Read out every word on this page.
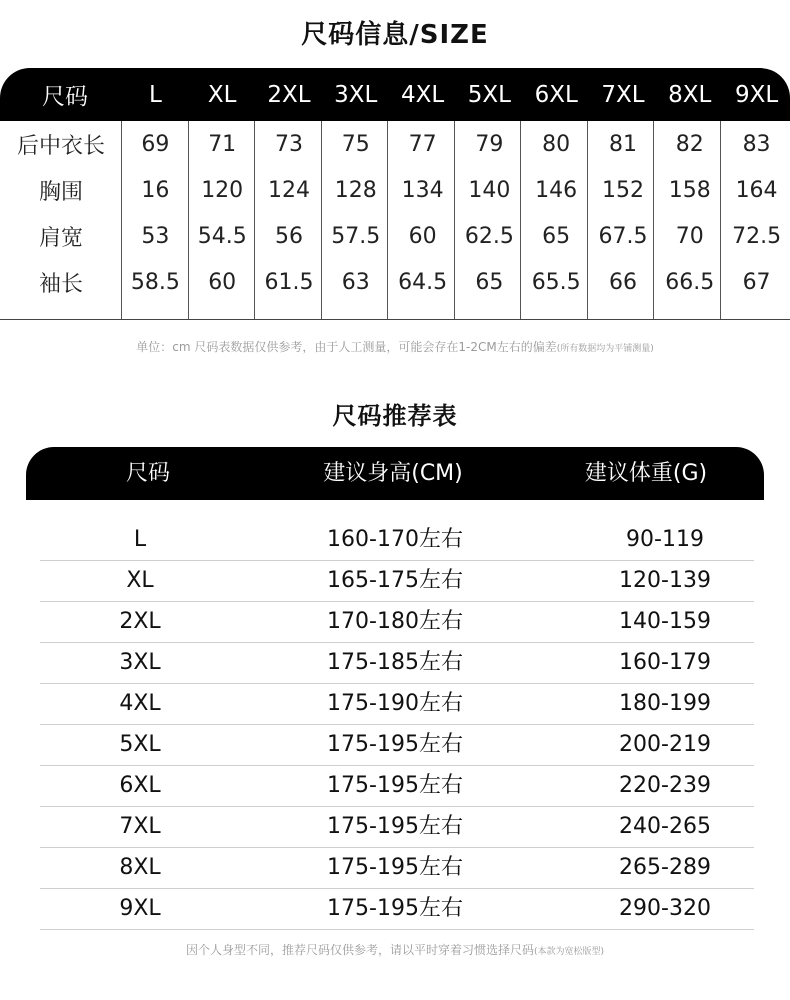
尺码信息/SIZE
尺码	L	XL	2XL	3XL	4XL	5XL	6XL	7XL	8XL	9XL
后中衣长	69	71	73	75	77	79	80	81	82	83
胸围	16	120	124	128	134	140	146	152	158	164
肩宽	53	54.5	56	57.5	60	62.5	65	67.5	70	72.5
袖长	58.5	60	61.5	63	64.5	65	65.5	66	66.5	67
单位：cm 尺码表数据仅供参考，由于人工测量，可能会存在1-2CM左右的偏差(所有数据均为平铺测量)
尺码推荐表
尺码	建议身高(CM)	建议体重(G)
L	160-170左右	90-119
XL	165-175左右	120-139
2XL	170-180左右	140-159
3XL	175-185左右	160-179
4XL	175-190左右	180-199
5XL	175-195左右	200-219
6XL	175-195左右	220-239
7XL	175-195左右	240-265
8XL	175-195左右	265-289
9XL	175-195左右	290-320
因个人身型不同，推荐尺码仅供参考，请以平时穿着习惯选择尺码(本款为宽松版型)
